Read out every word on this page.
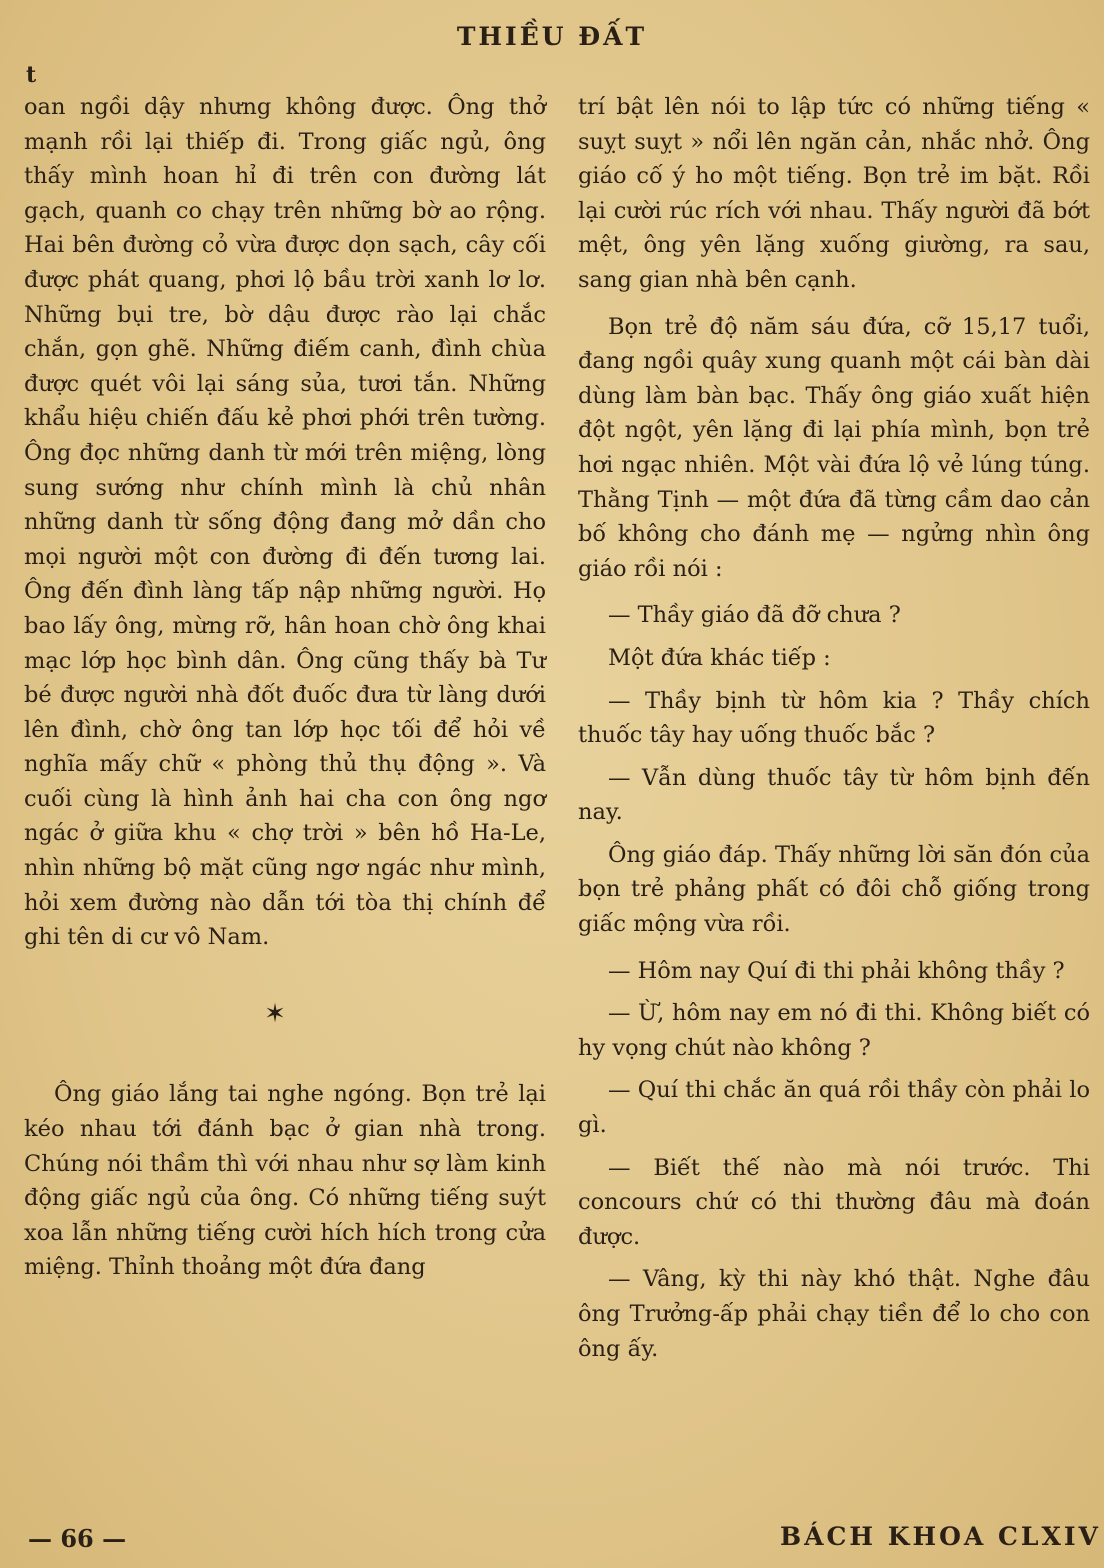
THIỀU ĐẤT
t

oan ngồi dậy nhưng không được. Ông thở mạnh rồi lại thiếp đi. Trong giấc ngủ, ông thấy mình hoan hỉ đi trên con đường lát gạch, quanh co chạy trên những bờ ao rộng. Hai bên đường cỏ vừa được dọn sạch, cây cối được phát quang, phơi lộ bầu trời xanh lơ lơ. Những bụi tre, bờ dậu được rào lại chắc chắn, gọn ghẽ. Những điếm canh, đình chùa được quét vôi lại sáng sủa, tươi tắn. Những khẩu hiệu chiến đấu kẻ phơi phới trên tường. Ông đọc những danh từ mới trên miệng, lòng sung sướng như chính mình là chủ nhân những danh từ sống động đang mở dần cho mọi người một con đường đi đến tương lai. Ông đến đình làng tấp nập những người. Họ bao lấy ông, mừng rỡ, hân hoan chờ ông khai mạc lớp học bình dân. Ông cũng thấy bà Tư bé được người nhà đốt đuốc đưa từ làng dưới lên đình, chờ ông tan lớp học tối để hỏi về nghĩa mấy chữ « phòng thủ thụ động ». Và cuối cùng là hình ảnh hai cha con ông ngơ ngác ở giữa khu « chợ trời » bên hồ Ha-Le, nhìn những bộ mặt cũng ngơ ngác như mình, hỏi xem đường nào dẫn tới tòa thị chính để ghi tên di cư vô Nam.

✶

Ông giáo lắng tai nghe ngóng. Bọn trẻ lại kéo nhau tới đánh bạc ở gian nhà trong. Chúng nói thầm thì với nhau như sợ làm kinh động giấc ngủ của ông. Có những tiếng suýt xoa lẫn những tiếng cười hích hích trong cửa miệng. Thỉnh thoảng một đứa đang

trí bật lên nói to lập tức có những tiếng « suỵt suỵt » nổi lên ngăn cản, nhắc nhở. Ông giáo cố ý ho một tiếng. Bọn trẻ im bặt. Rồi lại cười rúc rích với nhau. Thấy người đã bớt mệt, ông yên lặng xuống giường, ra sau, sang gian nhà bên cạnh.

Bọn trẻ độ năm sáu đứa, cỡ 15,17 tuổi, đang ngồi quây xung quanh một cái bàn dài dùng làm bàn bạc. Thấy ông giáo xuất hiện đột ngột, yên lặng đi lại phía mình, bọn trẻ hơi ngạc nhiên. Một vài đứa lộ vẻ lúng túng. Thằng Tịnh — một đứa đã từng cầm dao cản bố không cho đánh mẹ — ngửng nhìn ông giáo rồi nói :

— Thầy giáo đã đỡ chưa ?

Một đứa khác tiếp :

— Thầy bịnh từ hôm kia ? Thầy chích thuốc tây hay uống thuốc bắc ?

— Vẫn dùng thuốc tây từ hôm bịnh đến nay.

Ông giáo đáp. Thấy những lời săn đón của bọn trẻ phảng phất có đôi chỗ giống trong giấc mộng vừa rồi.

— Hôm nay Quí đi thi phải không thầy ?

— Ừ, hôm nay em nó đi thi. Không biết có hy vọng chút nào không ?

— Quí thi chắc ăn quá rồi thầy còn phải lo gì.

— Biết thế nào mà nói trước. Thi concours chứ có thi thường đâu mà đoán được.

— Vâng, kỳ thi này khó thật. Nghe đâu ông Trưởng-ấp phải chạy tiền để lo cho con ông ấy.

— 66 —	BÁCH KHOA CLXIV
